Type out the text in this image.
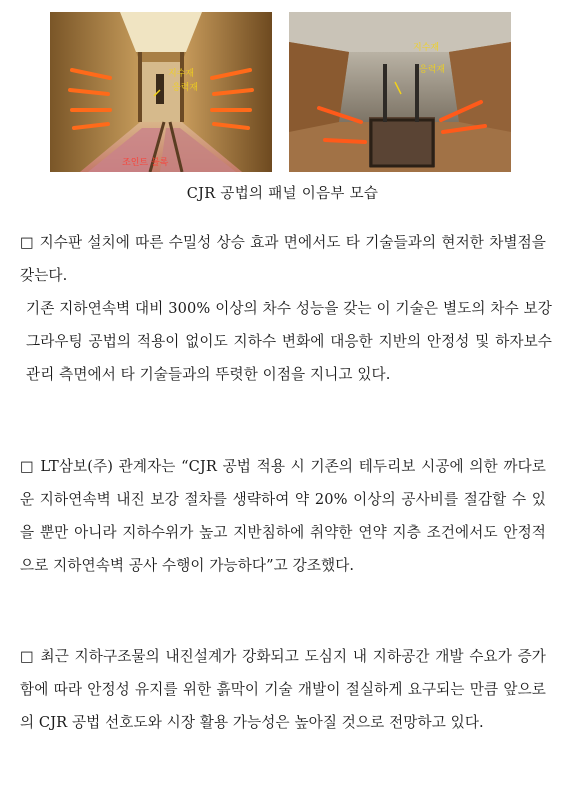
지수재
응력재
조인트 블록
지수재
응력재
CJR 공법의 패널 이음부 모습

□ 지수판 설치에 따른 수밀성 상승 효과 면에서도 타 기술들과의 현저한 차별점을 갖는다.

기존 지하연속벽 대비 300% 이상의 차수 성능을 갖는 이 기술은 별도의 차수 보강 그라우팅 공법의 적용이 없이도 지하수 변화에 대응한 지반의 안정성 및 하자보수 관리 측면에서 타 기술들과의 뚜렷한 이점을 지니고 있다.

□ LT삼보(주) 관계자는 “CJR 공법 적용 시 기존의 테두리보 시공에 의한 까다로운 지하연속벽 내진 보강 절차를 생략하여 약 20% 이상의 공사비를 절감할 수 있을 뿐만 아니라 지하수위가 높고 지반침하에 취약한 연약 지층 조건에서도 안정적으로 지하연속벽 공사 수행이 가능하다”고 강조했다.

□ 최근 지하구조물의 내진설계가 강화되고 도심지 내 지하공간 개발 수요가 증가함에 따라 안정성 유지를 위한 흙막이 기술 개발이 절실하게 요구되는 만큼 앞으로의 CJR 공법 선호도와 시장 활용 가능성은 높아질 것으로 전망하고 있다.
